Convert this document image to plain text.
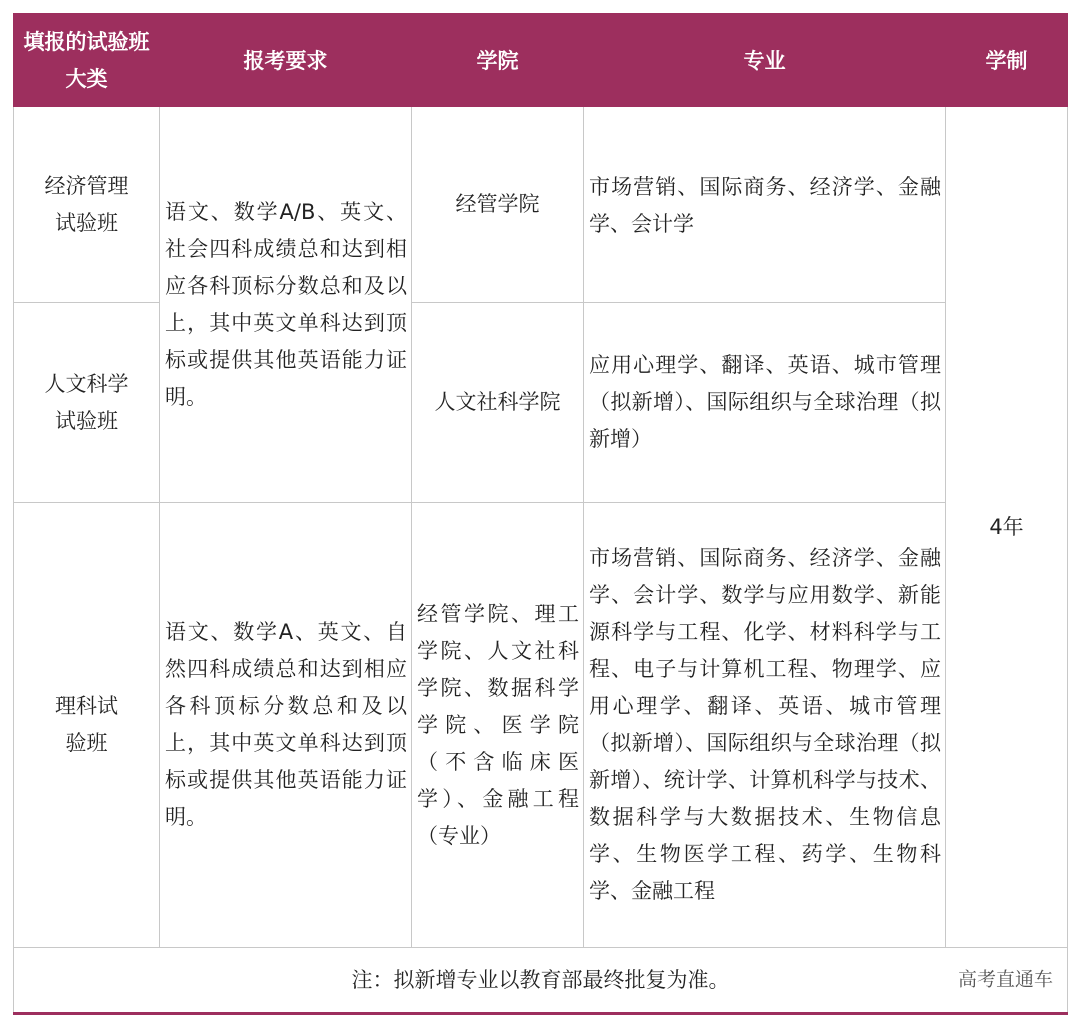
填报的试验班大类	报考要求	学院	专业	学制
经济管理试验班	语文、数学A/B、英文、社会四科成绩总和达到相应各科顶标分数总和及以上，其中英文单科达到顶标或提供其他英语能力证明。	经管学院	市场营销、国际商务、经济学、金融学、会计学	4年
人文科学试验班		人文社科学院	应用心理学、翻译、英语、城市管理（拟新增）、国际组织与全球治理（拟新增）	
理科试验班	语文、数学A、英文、自然四科成绩总和达到相应各科顶标分数总和及以上，其中英文单科达到顶标或提供其他英语能力证明。	经管学院、理工学院、人文社科学院、数据科学学院、医学院（不含临床医学）、金融工程（专业）	市场营销、国际商务、经济学、金融学、会计学、数学与应用数学、新能源科学与工程、化学、材料科学与工程、电子与计算机工程、物理学、应用心理学、翻译、英语、城市管理（拟新增）、国际组织与全球治理（拟新增）、统计学、计算机科学与技术、数据科学与大数据技术、生物信息学、生物医学工程、药学、生物科学、金融工程	
注：拟新增专业以教育部最终批复为准。 高考直通车				
